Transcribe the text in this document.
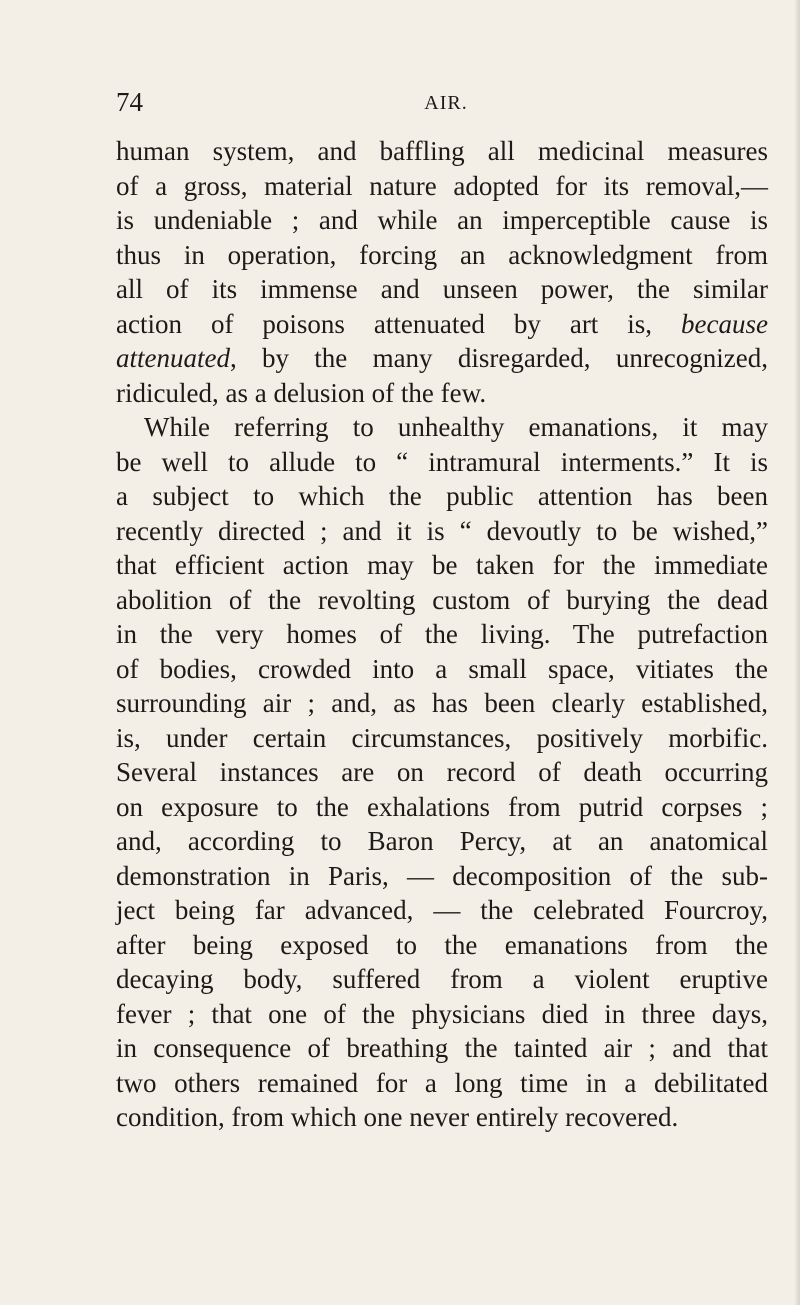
74	AIR.
human system, and baffling all medicinal measures
of a gross, material nature adopted for its removal,—
is undeniable ; and while an imperceptible cause is
thus in operation, forcing an acknowledgment from
all of its immense and unseen power, the similar
action of poisons attenuated by art is, because
attenuated, by the many disregarded, unrecognized,
ridiculed, as a delusion of the few.
While referring to unhealthy emanations, it may
be well to allude to “ intramural interments.” It is
a subject to which the public attention has been
recently directed ; and it is “ devoutly to be wished,”
that efficient action may be taken for the immediate
abolition of the revolting custom of burying the dead
in the very homes of the living. The putrefaction
of bodies, crowded into a small space, vitiates the
surrounding air ; and, as has been clearly established,
is, under certain circumstances, positively morbific.
Several instances are on record of death occurring
on exposure to the exhalations from putrid corpses ;
and, according to Baron Percy, at an anatomical
demonstration in Paris, — decomposition of the sub-
ject being far advanced, — the celebrated Fourcroy,
after being exposed to the emanations from the
decaying body, suffered from a violent eruptive
fever ; that one of the physicians died in three days,
in consequence of breathing the tainted air ; and that
two others remained for a long time in a debilitated
condition, from which one never entirely recovered.
